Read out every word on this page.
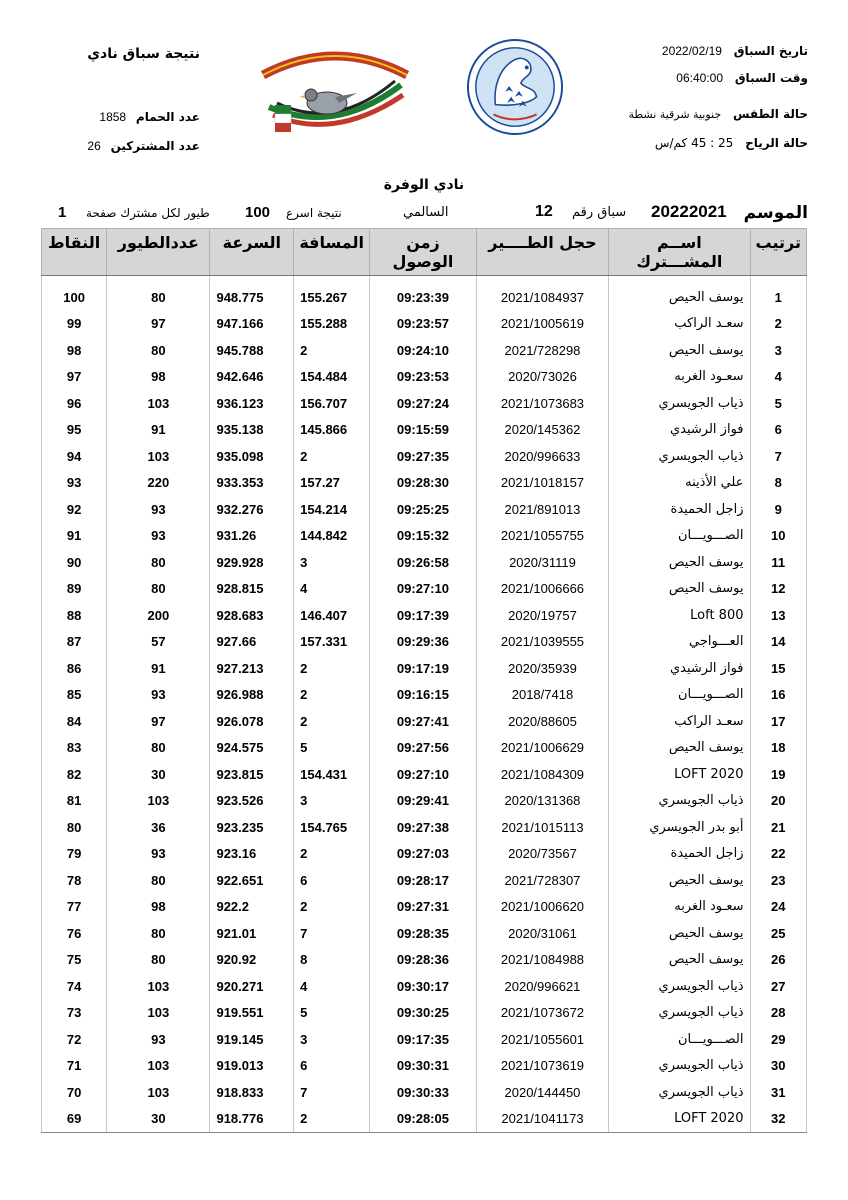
تاريخ السباق 2022/02/19
وقت السباق 06:40:00
حالة الطقس جنوبية شرقية نشطة
حالة الرياح 25 : 45 كم/س
نتيجة سباق نادي
عدد الحمام 1858
عدد المشتركين 26
نادي الوفرة
الموسم
20222021
سباق رقم
12
السالمي
نتيجة اسرع
100
طيور لكل مشترك صفحة
1
ترتيب	اســم المشـــترك	حجل الطــــير	زمن الوصول	المسافة	السرعة	عددالطيور	النقاط

1	يوسف الحيص	2021/1084937	09:23:39	155.267	948.775	80	100
2	سعـد الراكب	2021/1005619	09:23:57	155.288	947.166	97	99
3	يوسف الحيص	2021/728298	09:24:10	2	945.788	80	98
4	سعـود الغربه	2020/73026	09:23:53	154.484	942.646	98	97
5	ذياب الجويسري	2021/1073683	09:27:24	156.707	936.123	103	96
6	فواز الرشيدي	2020/145362	09:15:59	145.866	935.138	91	95
7	ذياب الجويسري	2020/996633	09:27:35	2	935.098	103	94
8	علي الأذينه	2021/1018157	09:28:30	157.27	933.353	220	93
9	زاجل الحميدة	2021/891013	09:25:25	154.214	932.276	93	92
10	الصـــويـــان	2021/1055755	09:15:32	144.842	931.26	93	91
11	يوسف الحيص	2020/31119	09:26:58	3	929.928	80	90
12	يوسف الحيص	2021/1006666	09:27:10	4	928.815	80	89
13	Loft 800	2020/19757	09:17:39	146.407	928.683	200	88
14	العـــواجي	2021/1039555	09:29:36	157.331	927.66	57	87
15	فواز الرشيدي	2020/35939	09:17:19	2	927.213	91	86
16	الصـــويـــان	2018/7418	09:16:15	2	926.988	93	85
17	سعـد الراكب	2020/88605	09:27:41	2	926.078	97	84
18	يوسف الحيص	2021/1006629	09:27:56	5	924.575	80	83
19	LOFT 2020	2021/1084309	09:27:10	154.431	923.815	30	82
20	ذياب الجويسري	2020/131368	09:29:41	3	923.526	103	81
21	أبو بدر الجويسري	2021/1015113	09:27:38	154.765	923.235	36	80
22	زاجل الحميدة	2020/73567	09:27:03	2	923.16	93	79
23	يوسف الحيص	2021/728307	09:28:17	6	922.651	80	78
24	سعـود الغربه	2021/1006620	09:27:31	2	922.2	98	77
25	يوسف الحيص	2020/31061	09:28:35	7	921.01	80	76
26	يوسف الحيص	2021/1084988	09:28:36	8	920.92	80	75
27	ذياب الجويسري	2020/996621	09:30:17	4	920.271	103	74
28	ذياب الجويسري	2021/1073672	09:30:25	5	919.551	103	73
29	الصـــويـــان	2021/1055601	09:17:35	3	919.145	93	72
30	ذياب الجويسري	2021/1073619	09:30:31	6	919.013	103	71
31	ذياب الجويسري	2020/144450	09:30:33	7	918.833	103	70
32	LOFT 2020	2021/1041173	09:28:05	2	918.776	30	69
